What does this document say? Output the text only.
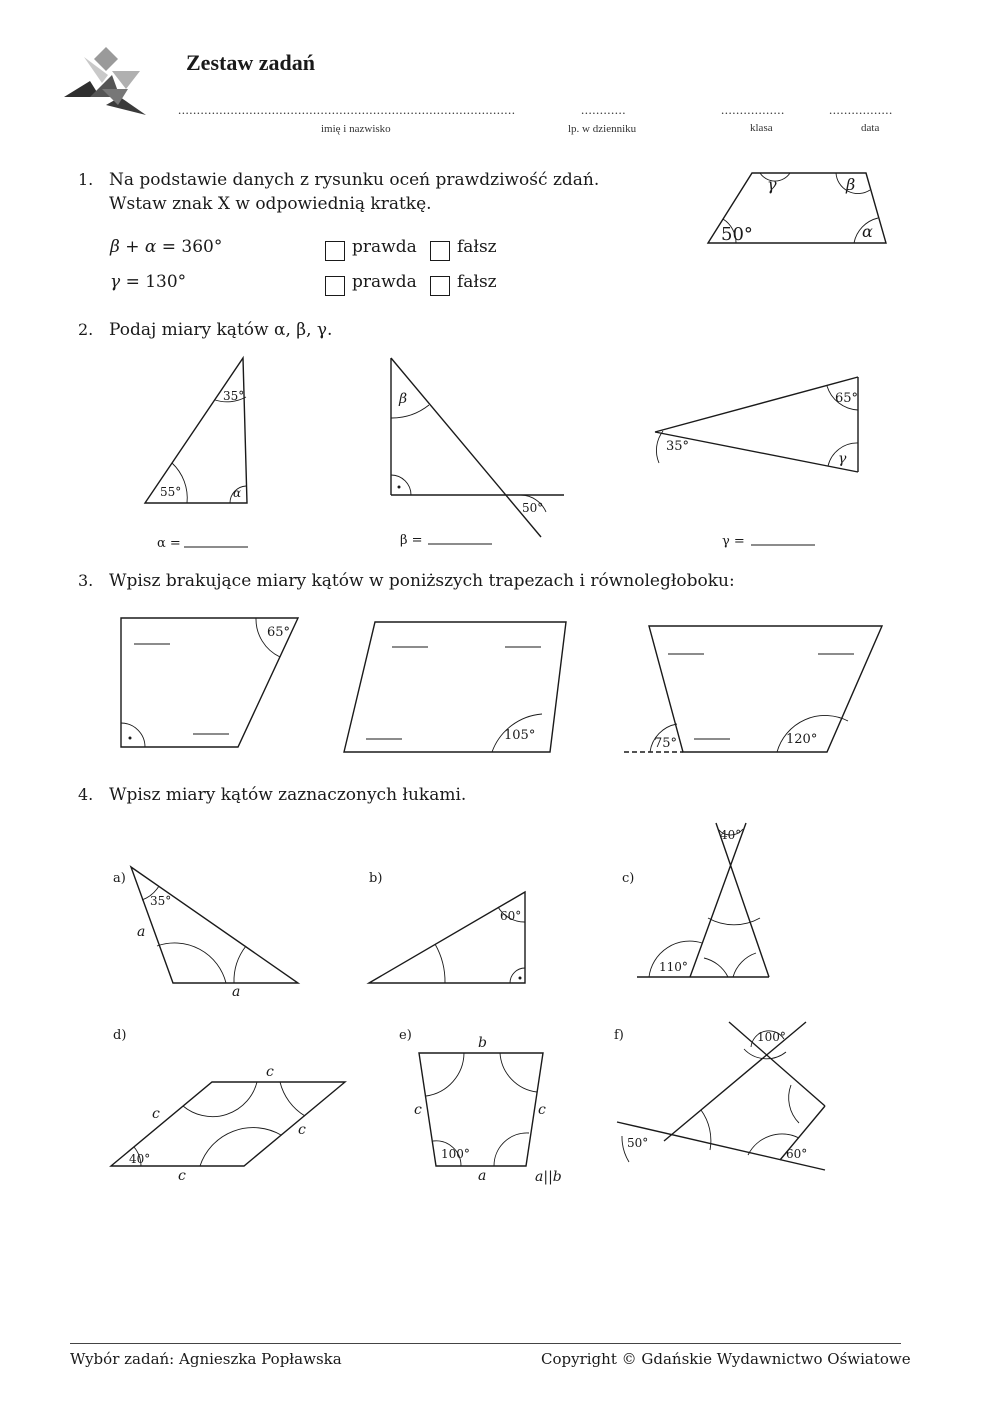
Zestaw zadań
..........................................................................................	............	.................	.................
imię i nazwisko	lp. w dzienniku	klasa	data
1. Na podstawie danych z rysunku oceń prawdziwość zdań.
Wstaw znak X w odpowiednią kratkę.
β + α = 360°	prawda fałsz
γ = 130°	prawda fałsz
γ	β
50°	α
2. Podaj miary kątów α, β, γ.
35°
55°	α
α =
β
50°
β =
35°
65°
γ
γ =
3. Wpisz brakujące miary kątów w poniższych trapezach i równoległoboku:
65°
105°
75°	120°
4. Wpisz miary kątów zaznaczonych łukami.
a)
35°
a
a
b)
60°
c)
40°
110°
d)
40°
c
c
c
c
e)
100°
b
c	c
a	a||b
f)
50°
100°
60°
Wybór zadań: Agnieszka Popławska	Copyright © Gdańskie Wydawnictwo Oświatowe
